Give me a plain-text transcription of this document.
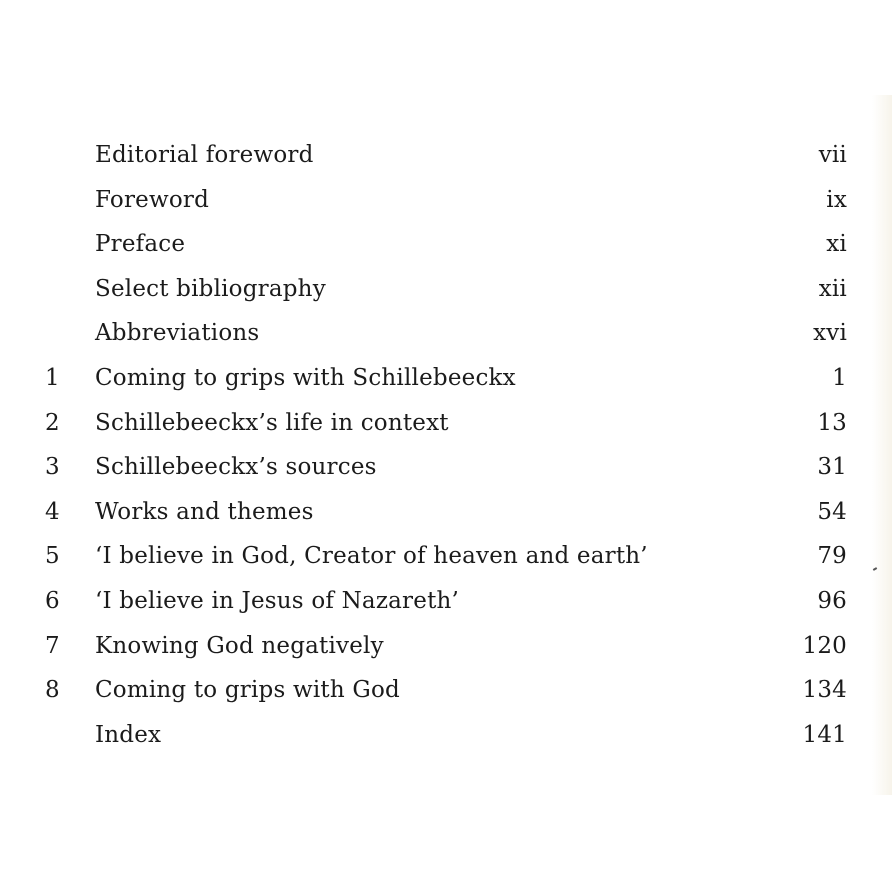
Editorial foreword	vii
Foreword	ix
Preface	xi
Select bibliography	xii
Abbreviations	xvi
1	Coming to grips with Schillebeeckx	1
2	Schillebeeckx’s life in context	13
3	Schillebeeckx’s sources	31
4	Works and themes	54
5	‘I believe in God, Creator of heaven and earth’	79
6	‘I believe in Jesus of Nazareth’	96
7	Knowing God negatively	120
8	Coming to grips with God	134
Index	141
